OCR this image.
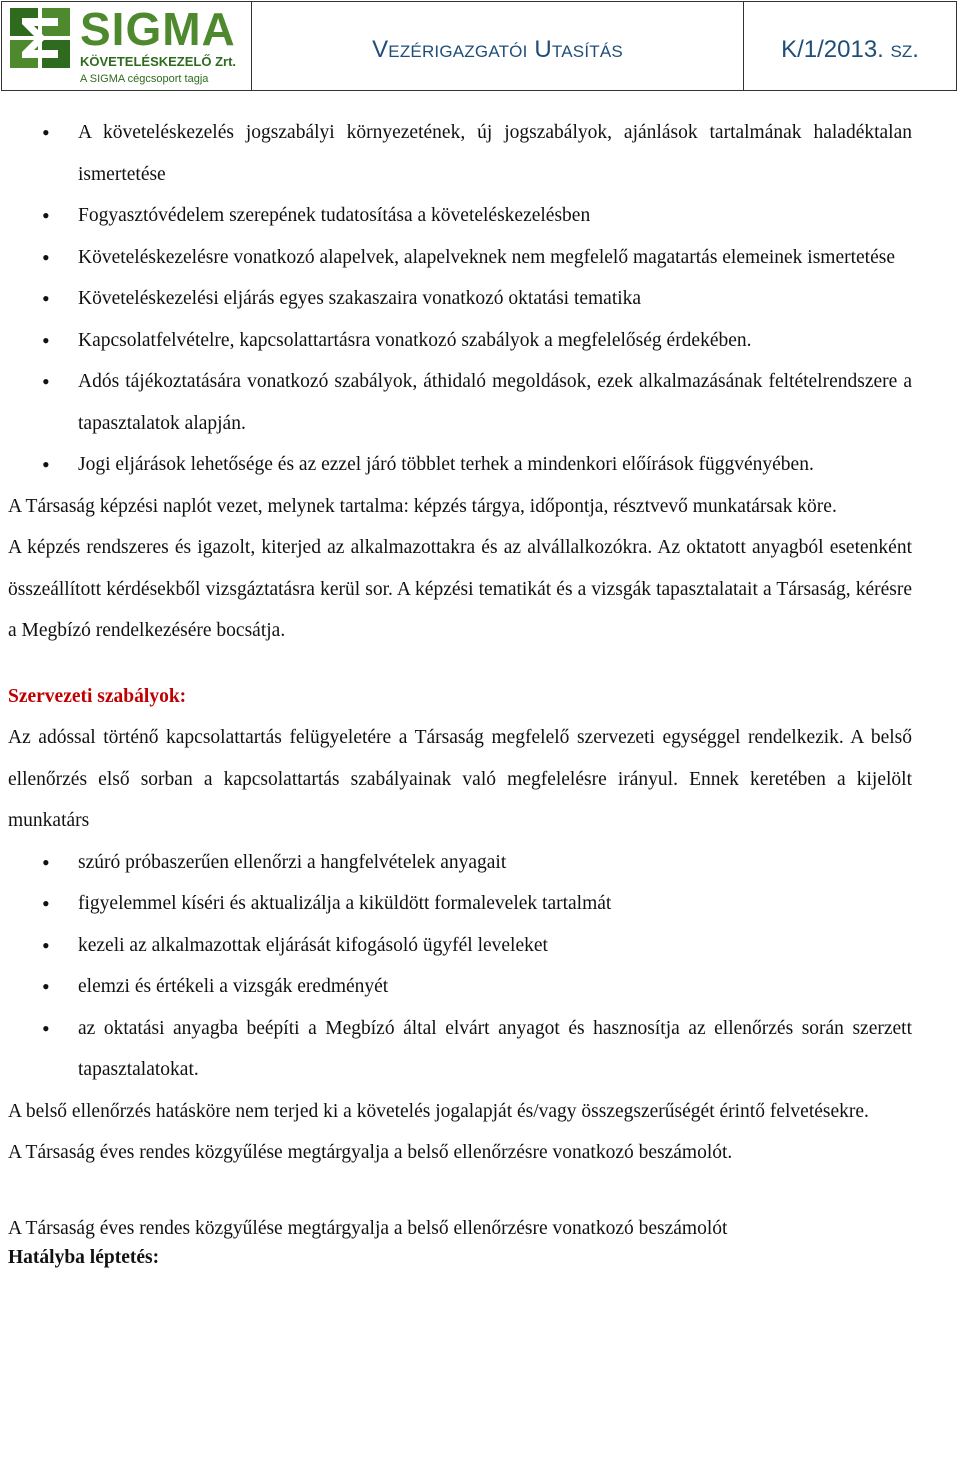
SIGMA
KÖVETELÉSKEZELŐ Zrt.
A SIGMA cégcsoport tagja
Vezérigazgatói Utasítás	K/1/2013. sz.
• A követeléskezelés jogszabályi környezetének, új jogszabályok, ajánlások tartalmának haladéktalan ismertetése
• Fogyasztóvédelem szerepének tudatosítása a követeléskezelésben
• Követeléskezelésre vonatkozó alapelvek, alapelveknek nem megfelelő magatartás elemeinek ismertetése
• Követeléskezelési eljárás egyes szakaszaira vonatkozó oktatási tematika
• Kapcsolatfelvételre, kapcsolattartásra vonatkozó szabályok a megfelelőség érdekében.
• Adós tájékoztatására vonatkozó szabályok, áthidaló megoldások, ezek alkalmazásának feltételrendszere a tapasztalatok alapján.
• Jogi eljárások lehetősége és az ezzel járó többlet terhek a mindenkori előírások függvényében.

A Társaság képzési naplót vezet, melynek tartalma: képzés tárgya, időpontja, résztvevő munkatársak köre.

A képzés rendszeres és igazolt, kiterjed az alkalmazottakra és az alvállalkozókra. Az oktatott anyagból esetenként összeállított kérdésekből vizsgáztatásra kerül sor. A képzési tematikát és a vizsgák tapasztalatait a Társaság, kérésre a Megbízó rendelkezésére bocsátja.

Szervezeti szabályok:

Az adóssal történő kapcsolattartás felügyeletére a Társaság megfelelő szervezeti egységgel rendelkezik. A belső ellenőrzés első sorban a kapcsolattartás szabályainak való megfelelésre irányul. Ennek keretében a kijelölt munkatárs

• szúró próbaszerűen ellenőrzi a hangfelvételek anyagait
• figyelemmel kíséri és aktualizálja a kiküldött formalevelek tartalmát
• kezeli az alkalmazottak eljárását kifogásoló ügyfél leveleket
• elemzi és értékeli a vizsgák eredményét
• az oktatási anyagba beépíti a Megbízó által elvárt anyagot és hasznosítja az ellenőrzés során szerzett tapasztalatokat.

A belső ellenőrzés hatásköre nem terjed ki a követelés jogalapját és/vagy összegszerűségét érintő felvetésekre.

A Társaság éves rendes közgyűlése megtárgyalja a belső ellenőrzésre vonatkozó beszámolót.

A Társaság éves rendes közgyűlése megtárgyalja a belső ellenőrzésre vonatkozó beszámolót

Hatályba léptetés:
